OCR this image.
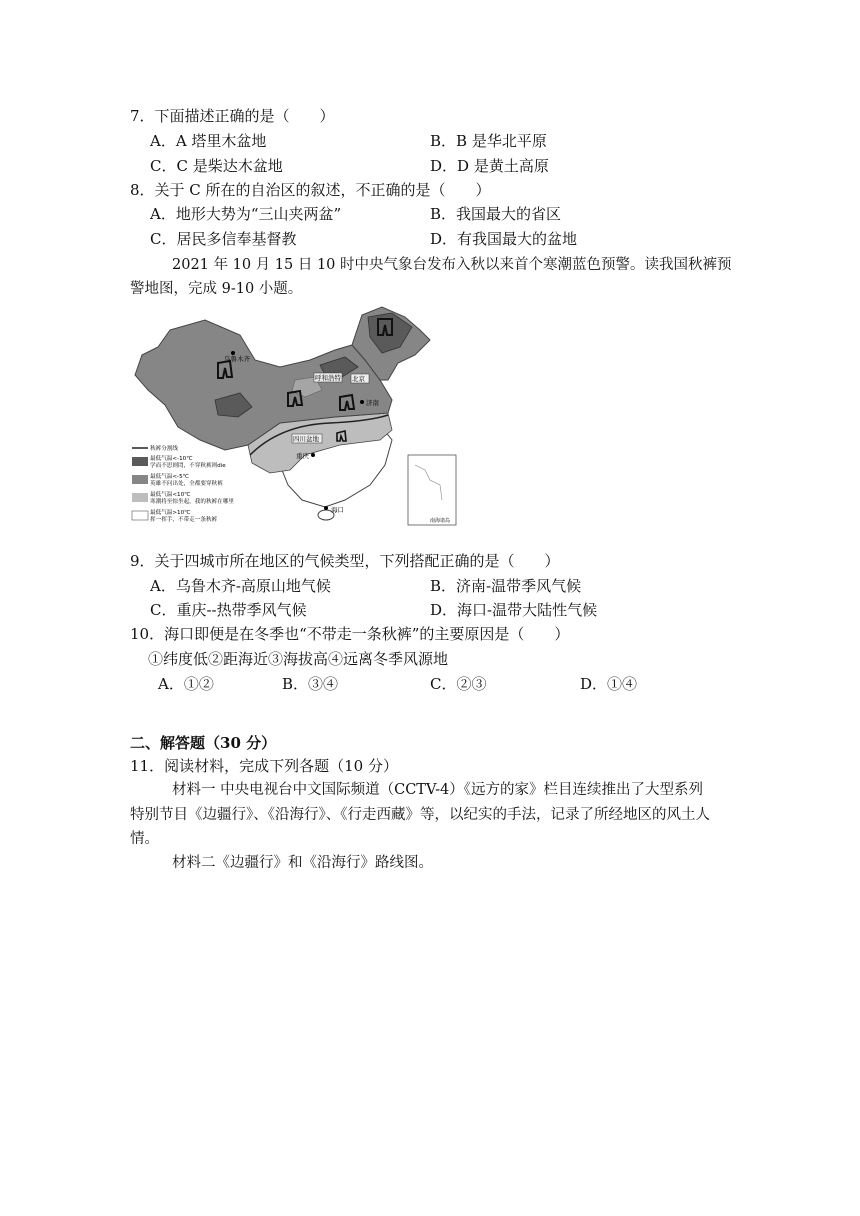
7．下面描述正确的是（　　）
A．A 塔里木盆地	B．B 是华北平原
C．C 是柴达木盆地	D．D 是黄土高原
8．关于 C 所在的自治区的叙述，不正确的是（　　）
A．地形大势为“三山夹两盆”	B．我国最大的省区
C．居民多信奉基督教	D．有我国最大的盆地
2021 年 10 月 15 日 10 时中央气象台发布入秋以来首个寒潮蓝色预警。读我国秋裤预
警地图，完成 9-10 小题。
乌鲁木齐
呼和浩特 北京
济南
四川盆地
重庆
海口
南海诸岛
秋裤分割线
最低气温<-10℃
学而不思则罔，不穿秋裤则die
最低气温<-5℃
英雄不问出处，全都要穿秋裤
最低气温<10℃
寒潮将至惊坐起，我的秋裤在哪里
最低气温>10℃
挥一挥手，不带走一条秋裤
9．关于四城市所在地区的气候类型，下列搭配正确的是（　　）
A．乌鲁木齐-高原山地气候	B．济南-温带季风气候
C．重庆--热带季风气候	D．海口-温带大陆性气候
10．海口即便是在冬季也“不带走一条秋裤”的主要原因是（　　）
①纬度低②距海近③海拔高④远离冬季风源地
A．①②	B．③④	C．②③	D．①④
二、解答题（30 分）
11．阅读材料，完成下列各题（10 分）
材料一 中央电视台中文国际频道（CCTV-4）《远方的家》栏目连续推出了大型系列
特别节目《边疆行》、《沿海行》、《行走西藏》等，以纪实的手法，记录了所经地区的风土人
情。
材料二《边疆行》和《沿海行》路线图。
